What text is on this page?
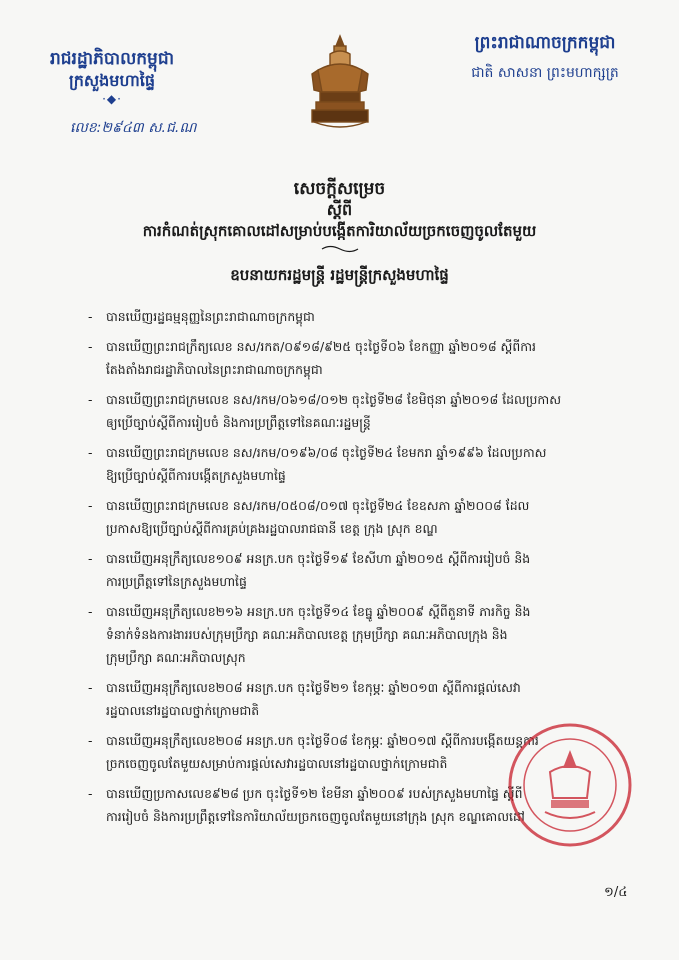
រាជរដ្ឋាភិបាលកម្ពុជា
ក្រសួងមហាផ្ទៃ
·◆·
លេខ:២៩៤៣ ស.ជ.ណ
ព្រះរាជាណាចក្រកម្ពុជា
ជាតិ សាសនា ព្រះមហាក្សត្រ
សេចក្តីសម្រេច
ស្តីពី
ការកំណត់ស្រុកគោលដៅសម្រាប់បង្កើតការិយាល័យច្រកចេញចូលតែមួយ
ឧបនាយករដ្ឋមន្ត្រី រដ្ឋមន្ត្រីក្រសួងមហាផ្ទៃ
- បានឃើញរដ្ឋធម្មនុញ្ញនៃព្រះរាជាណាចក្រកម្ពុជា
- បានឃើញព្រះរាជក្រឹត្យលេខ នស/រកត/០៩១៨/៩២៥ ចុះថ្ងៃទី០៦ ខែកញ្ញា ឆ្នាំ២០១៨ ស្តីពីការ
តែងតាំងរាជរដ្ឋាភិបាលនៃព្រះរាជាណាចក្រកម្ពុជា
- បានឃើញព្រះរាជក្រមលេខ នស/រកម/០៦១៨/០១២ ចុះថ្ងៃទី២៨ ខែមិថុនា ឆ្នាំ២០១៨ ដែលប្រកាស
ឲ្យប្រើច្បាប់ស្តីពីការរៀបចំ និងការប្រព្រឹត្តទៅនៃគណៈរដ្ឋមន្ត្រី
- បានឃើញព្រះរាជក្រមលេខ នស/រកម/០១៩៦/០៨ ចុះថ្ងៃទី២៤ ខែមករា ឆ្នាំ១៩៩៦ ដែលប្រកាស
ឱ្យប្រើច្បាប់ស្តីពីការបង្កើតក្រសួងមហាផ្ទៃ
- បានឃើញព្រះរាជក្រមលេខ នស/រកម/០៥០៨/០១៧ ចុះថ្ងៃទី២៤ ខែឧសភា ឆ្នាំ២០០៨ ដែល
ប្រកាសឱ្យប្រើច្បាប់ស្តីពីការគ្រប់គ្រងរដ្ឋបាលរាជធានី ខេត្ត ក្រុង ស្រុក ខណ្ឌ
- បានឃើញអនុក្រឹត្យលេខ១០៩ អនក្រ.បក ចុះថ្ងៃទី១៩ ខែសីហា ឆ្នាំ២០១៥ ស្តីពីការរៀបចំ និង
ការប្រព្រឹត្តទៅនៃក្រសួងមហាផ្ទៃ
- បានឃើញអនុក្រឹត្យលេខ២១៦ អនក្រ.បក ចុះថ្ងៃទី១៤ ខែធ្នូ ឆ្នាំ២០០៩ ស្តីពីតួនាទី ភារកិច្ច និង
ទំនាក់ទំនងការងាររបស់ក្រុមប្រឹក្សា គណៈអភិបាលខេត្ត ក្រុមប្រឹក្សា គណៈអភិបាលក្រុង និង
ក្រុមប្រឹក្សា គណៈអភិបាលស្រុក
- បានឃើញអនុក្រឹត្យលេខ២០៨ អនក្រ.បក ចុះថ្ងៃទី២១ ខែកុម្ភៈ ឆ្នាំ២០១៣ ស្តីពីការផ្តល់សេវា
រដ្ឋបាលនៅរដ្ឋបាលថ្នាក់ក្រោមជាតិ
- បានឃើញអនុក្រឹត្យលេខ២០៨ អនក្រ.បក ចុះថ្ងៃទី០៨ ខែកុម្ភៈ ឆ្នាំ២០១៧ ស្តីពីការបង្កើតយន្តការ
ច្រកចេញចូលតែមួយសម្រាប់ការផ្តល់សេវារដ្ឋបាលនៅរដ្ឋបាលថ្នាក់ក្រោមជាតិ
- បានឃើញប្រកាសលេខ៩២៨ ប្រក ចុះថ្ងៃទី១២ ខែមីនា ឆ្នាំ២០០៩ របស់ក្រសួងមហាផ្ទៃ ស្តីពី
ការរៀបចំ និងការប្រព្រឹត្តទៅនៃការិយាល័យច្រកចេញចូលតែមួយនៅក្រុង ស្រុក ខណ្ឌគោលដៅ
១/៤
